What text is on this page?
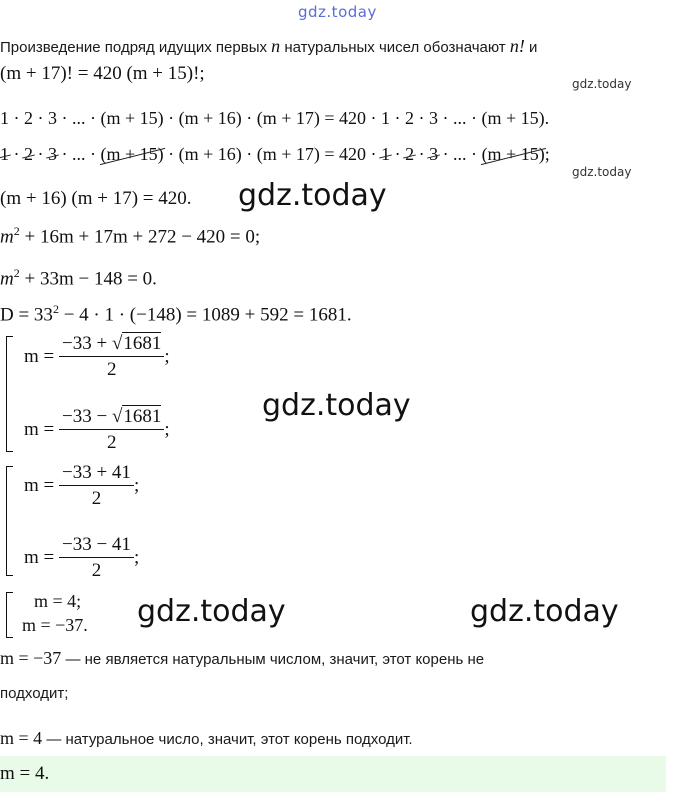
gdz.today
Произведение подряд идущих первых n натуральных чисел обозначают n! и
(m + 17)! = 420 (m + 15)!;	gdz.today
1 · 2 · 3 · ... · (m + 15) · (m + 16) · (m + 17) = 420 · 1 · 2 · 3 · ... · (m + 15).
1 · 2 · 3 · ... · (m + 15) · (m + 16) · (m + 17) = 420 · 1 · 2 · 3 · ... · (m + 15);
gdz.today
(m + 16) (m + 17) = 420. gdz.today
$m^2 + 16m + 17m + 272 - 420 = 0$;
$m^2 + 33m - 148 = 0$.
$D = 33^2 - 4 \cdot 1 \cdot (-148) = 1089 + 592 = 1681$.
$m = \frac{-33 + √1681}{2}$ ;
$m = \frac{-33 - √1681}{2}$ ;
gdz.today
$m = \frac{-33 + 41}{2}$ ;
$m = \frac{-33 - 41}{2}$ ;
m = 4;
m = −37. gdz.today	gdz.today
m = −37 — не является натуральным числом, значит, этот корень не
подходит;
m = 4 — натуральное число, значит, этот корень подходит.
m = 4.
